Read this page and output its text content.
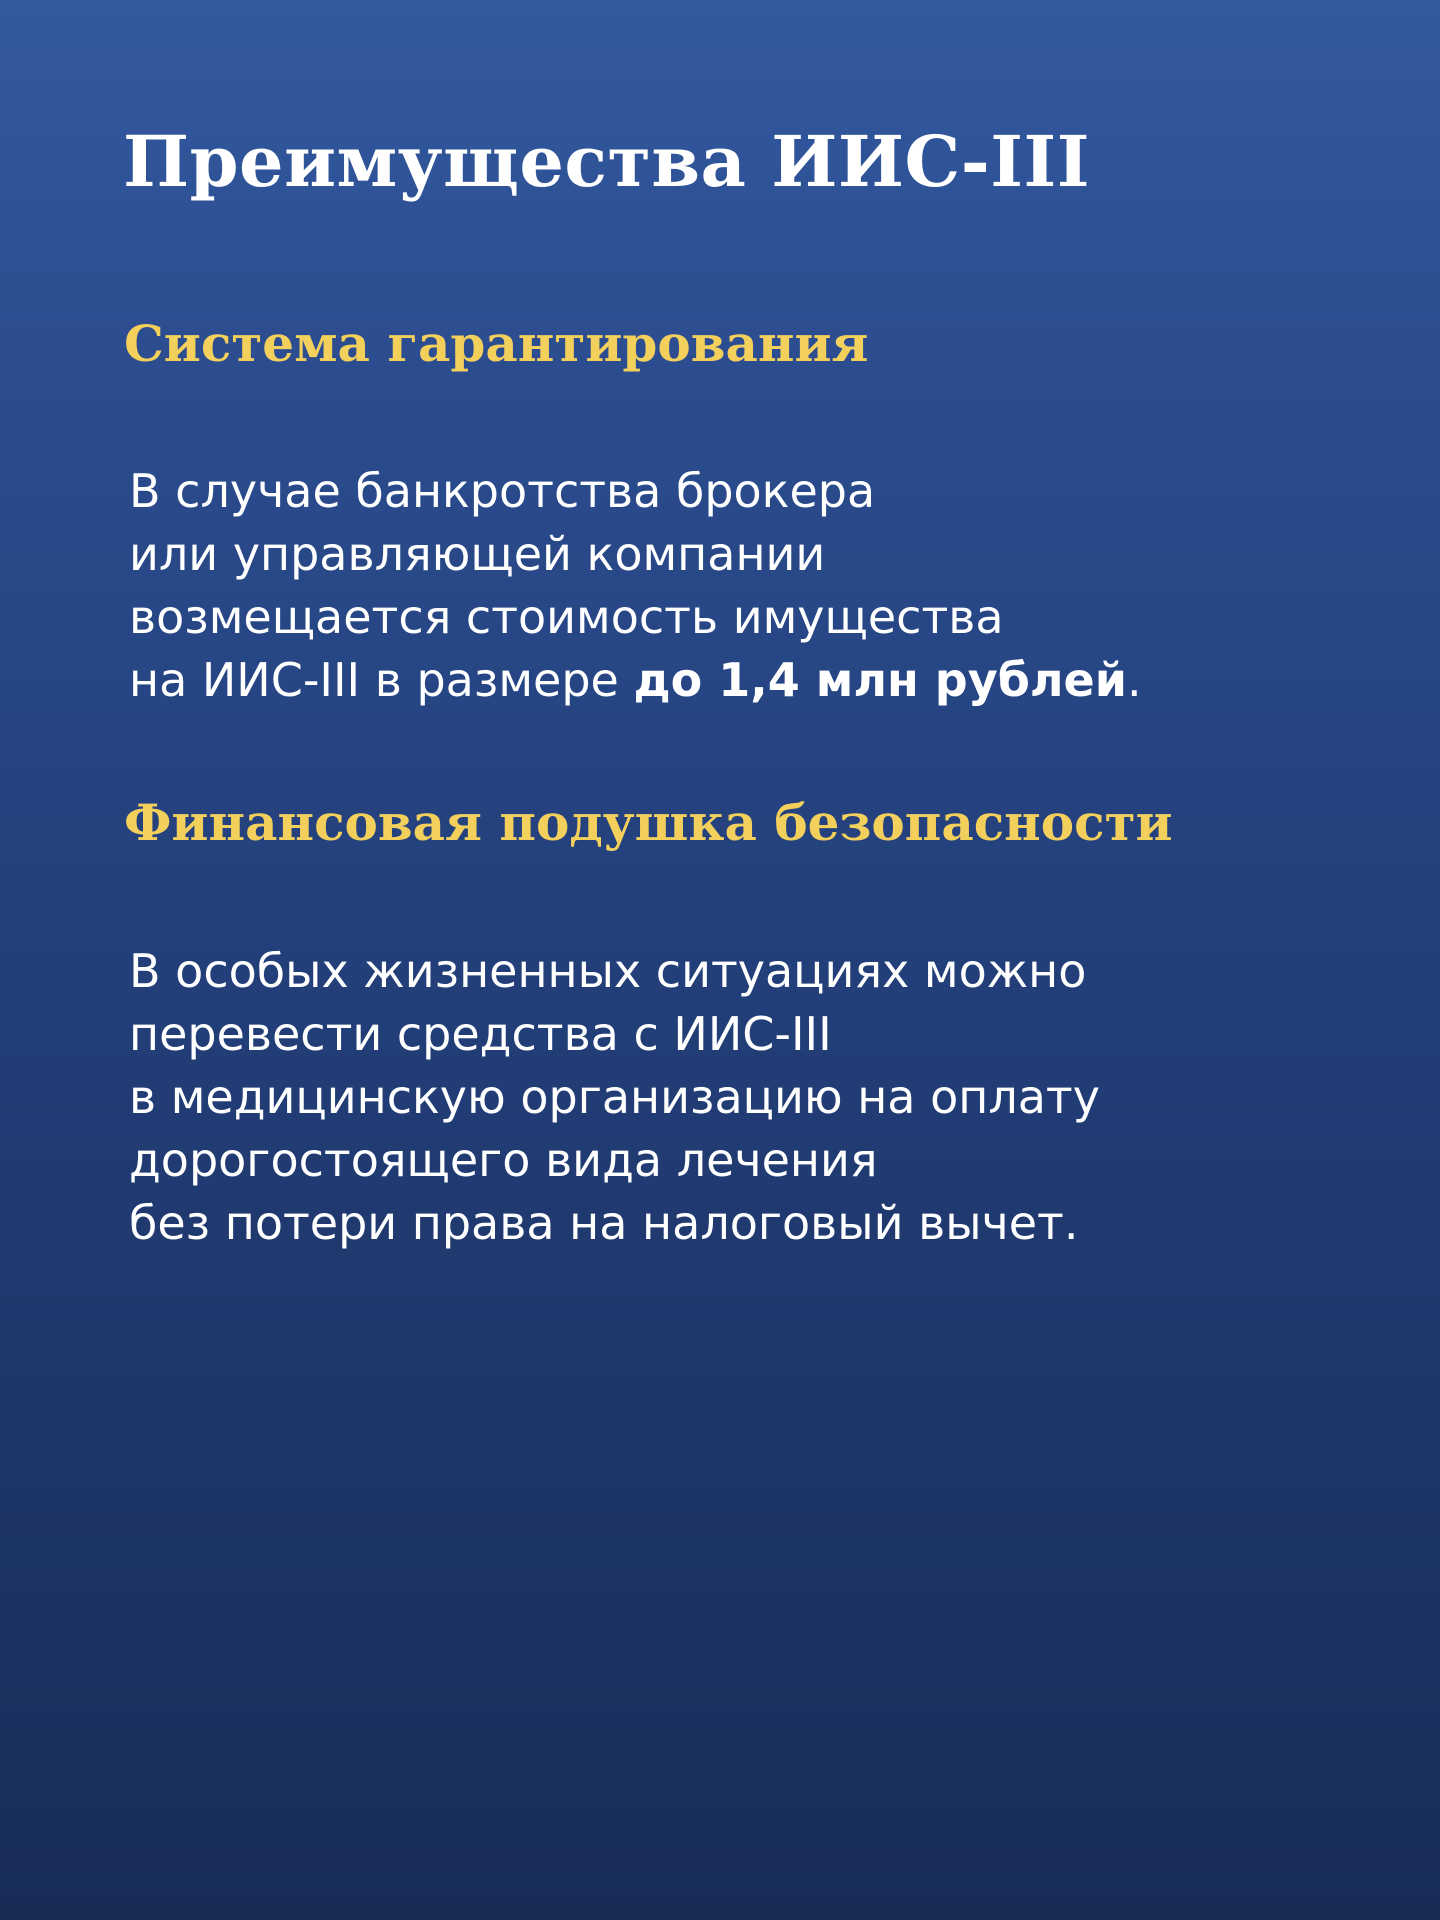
Преимущества ИИС-III
Система гарантирования

В случае банкротства брокера
или управляющей компании
возмещается стоимость имущества
на ИИС-III в размере до 1,4 млн рублей.

Финансовая подушка безопасности

В особых жизненных ситуациях можно
перевести средства с ИИС-III
в медицинскую организацию на оплату
дорогостоящего вида лечения
без потери права на налоговый вычет.
